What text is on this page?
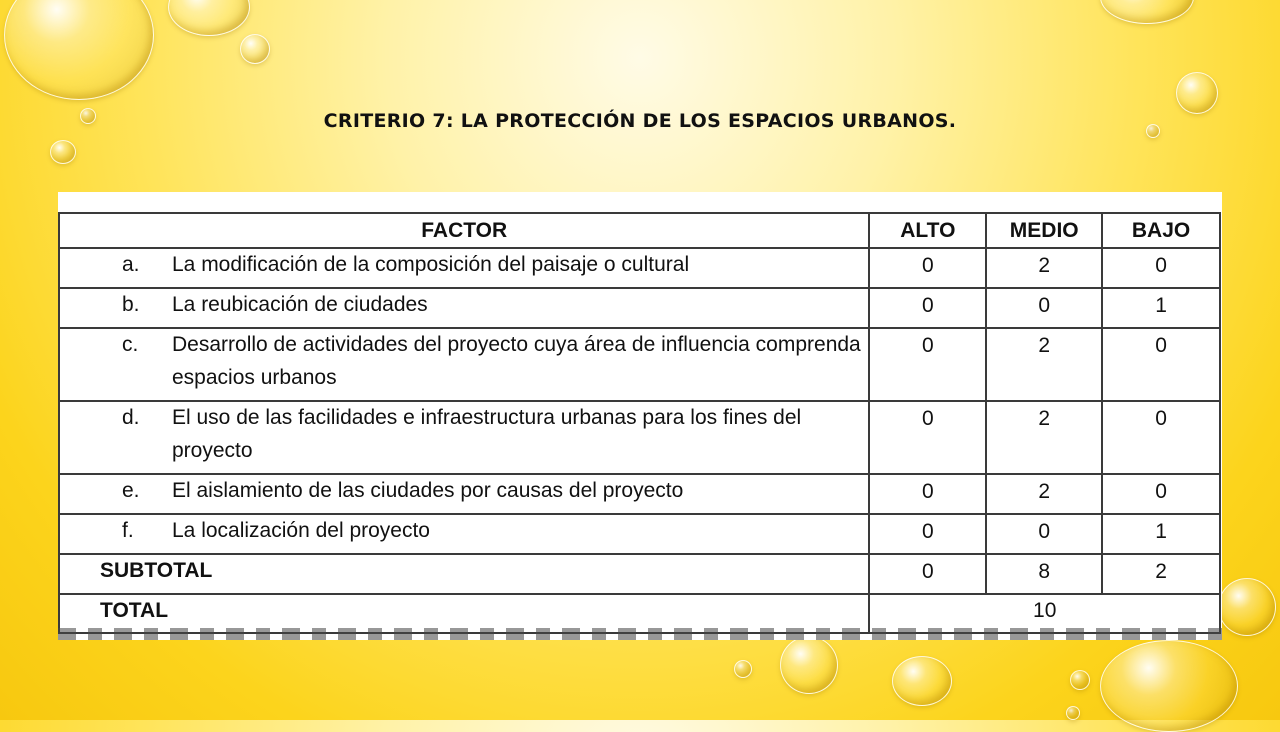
CRITERIO 7: LA PROTECCIÓN DE LOS ESPACIOS URBANOS.
FACTOR	ALTO	MEDIO	BAJO

a. La modificación de la composición del paisaje o cultural	0	2	0

b. La reubicación de ciudades	0	0	1

c. Desarrollo de actividades del proyecto cuya área de influencia comprenda espacios urbanos	0	2	0

d. El uso de las facilidades e infraestructura urbanas para los fines del proyecto	0	2	0

e. El aislamiento de las ciudades por causas del proyecto	0	2	0

f. La localización del proyecto	0	0	1
SUBTOTAL	0	8	2
TOTAL	10		
